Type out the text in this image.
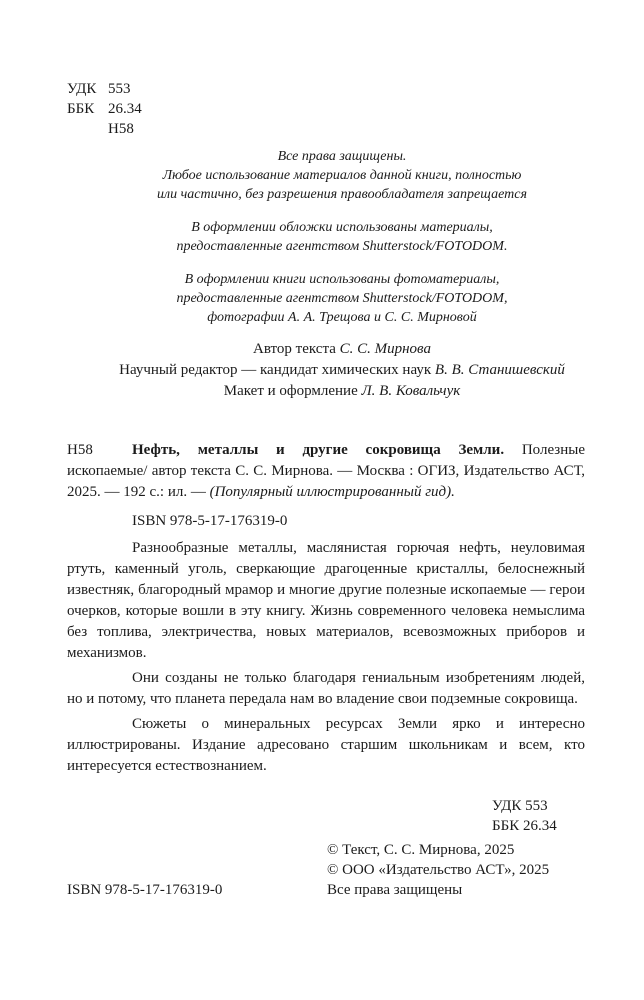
УДК 553
ББК 26.34
Н58
Все права защищены.
Любое использование материалов данной книги, полностью
или частично, без разрешения правообладателя запрещается
В оформлении обложки использованы материалы,
предоставленные агентством Shutterstock/FOTODOM.
В оформлении книги использованы фотоматериалы,
предоставленные агентством Shutterstock/FOTODOM,
фотографии А. А. Трещова и С. С. Мирновой
Автор текста С. С. Мирнова
Научный редактор — кандидат химических наук В. В. Станишевский
Макет и оформление Л. В. Ковальчук
Н58	Нефть, металлы и другие сокровища Земли. Полезные ископаемые/ автор текста С. С. Мирнова. — Москва : ОГИЗ, Издательство АСТ, 2025. — 192 с.: ил. — (Популярный иллюстрированный гид).
ISBN 978-5-17-176319-0

Разнообразные металлы, маслянистая горючая нефть, неуловимая ртуть, каменный уголь, сверкающие драгоценные кристаллы, белоснежный известняк, благородный мрамор и многие другие полезные ископаемые — герои очерков, которые вошли в эту книгу. Жизнь современного человека немыслима без топлива, электричества, новых материалов, всевозможных приборов и механизмов.

Они созданы не только благодаря гениальным изобретениям людей, но и потому, что планета передала нам во владение свои подземные сокровища.

Сюжеты о минеральных ресурсах Земли ярко и интересно иллюстрированы. Издание адресовано старшим школьникам и всем, кто интересуется естествознанием.

УДК 553
ББК 26.34
© Текст, С. С. Мирнова, 2025
© ООО «Издательство АСТ», 2025
Все права защищены
ISBN 978-5-17-176319-0
